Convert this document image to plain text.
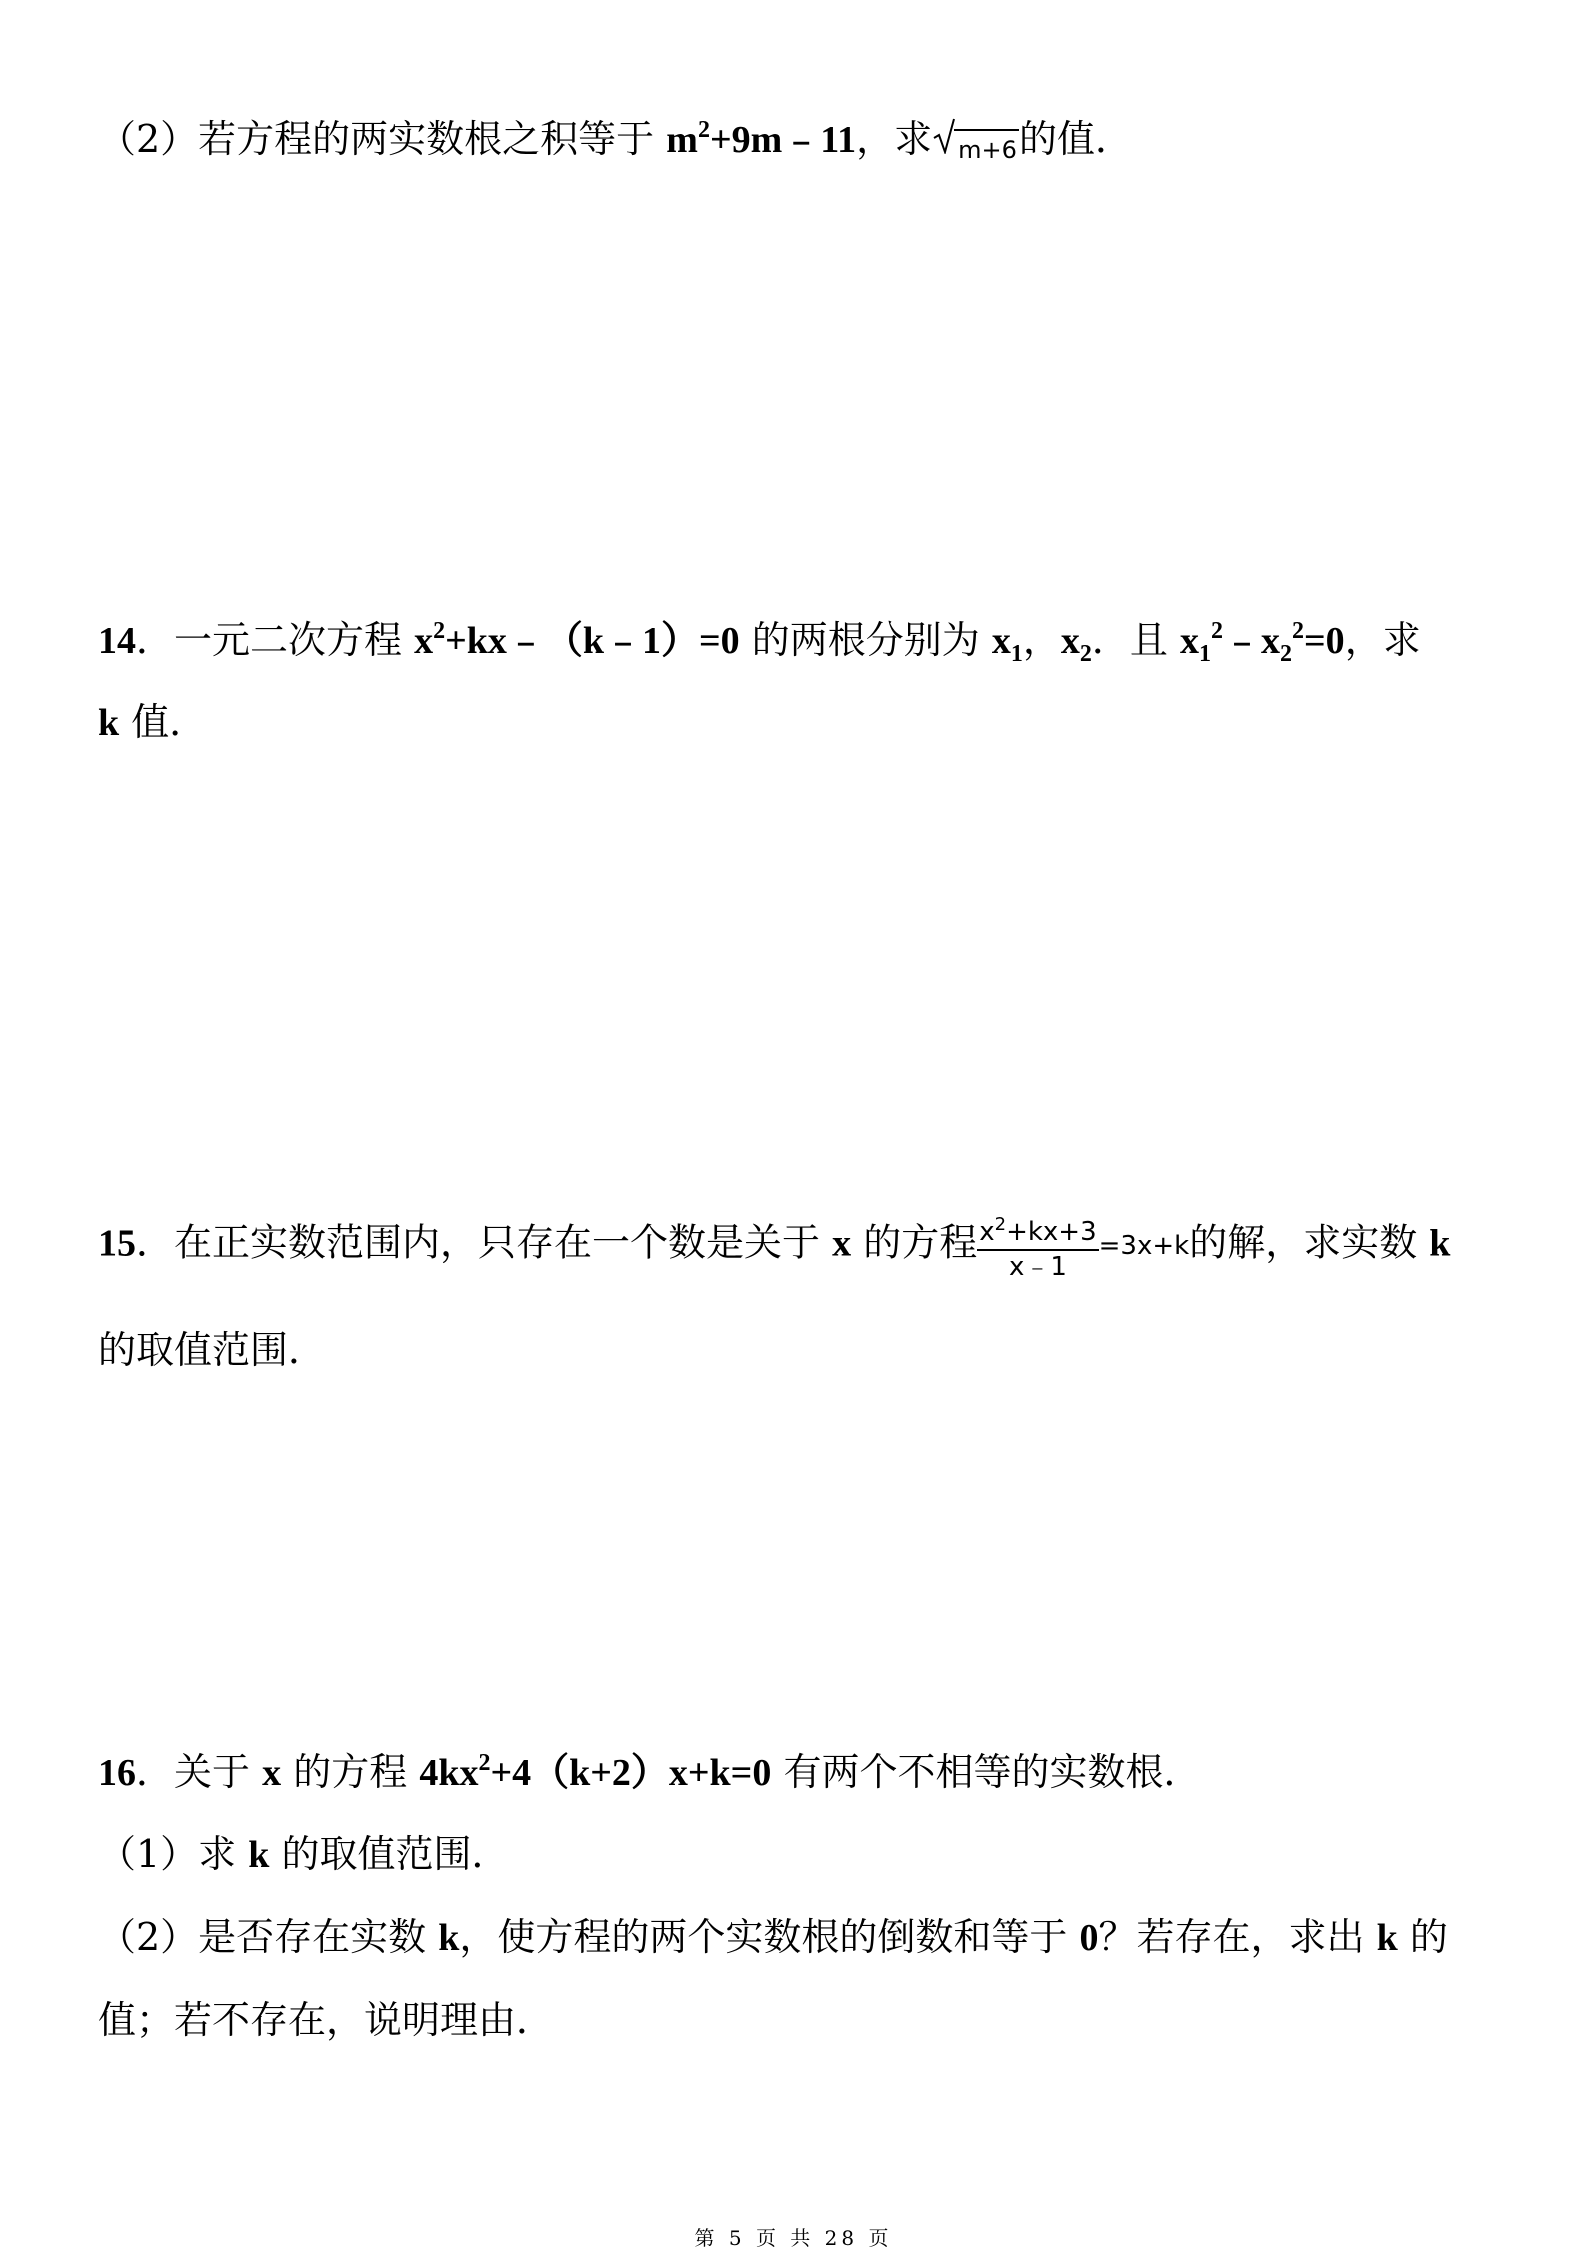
（2）若方程的两实数根之积等于 $m^2+9m﹣11$，求 m+6的值．
14．一元二次方程 $x^2+kx﹣(k﹣1)=0$ 的两根分别为 $x_1$，$x_2$．且 $x_1^2﹣x_2^2=0$，求
k 值．
15．在正实数范围内，只存在一个数是关于 x 的方程 $\frac{x^2+kx+3}{x﹣1} =3x+k$的解，求实数 k
的取值范围．
16．关于 x 的方程 $4kx^2+4(k+2)x+k=0$ 有两个不相等的实数根．
（1）求 k 的取值范围．
（2）是否存在实数 k，使方程的两个实数根的倒数和等于 0？若存在，求出 k 的
值；若不存在，说明理由．
第 5 页 共 28 页
